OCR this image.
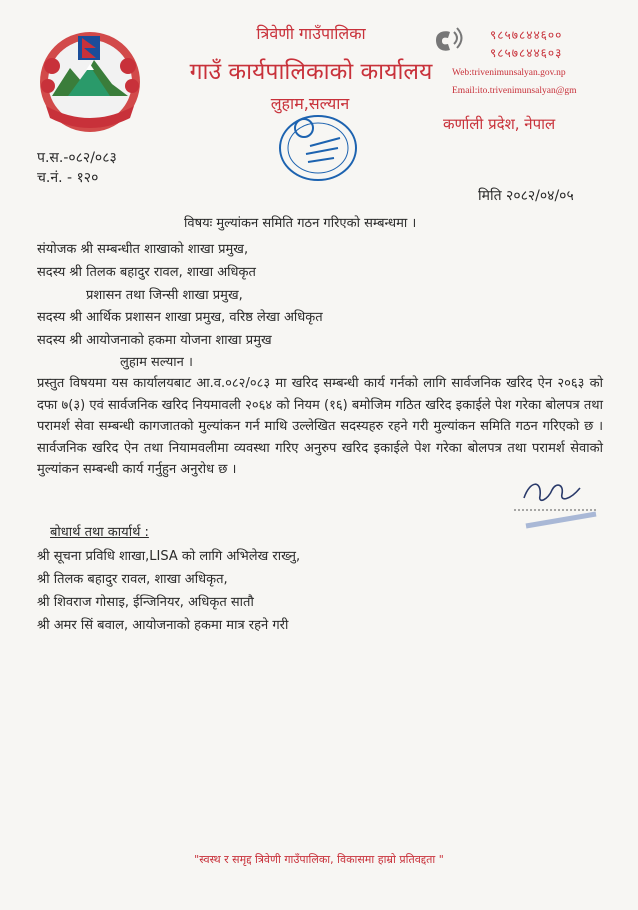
त्रिवेणी गाउँपालिका
गाउँ कार्यपालिकाको कार्यालय
लुहाम,सल्यान
९८५७८४४६००
९८५७८४४६०३
Web:trivenimunsalyan.gov.np
Email:ito.trivenimunsalyan@gm
कर्णाली प्रदेश, नेपाल
प.स.-०८२/०८३
च.नं. - १२०
मिति २०८२/०४/०५
विषयः मुल्यांकन समिति गठन गरिएको सम्बन्धमा ।
संयोजक श्री सम्बन्धीत शाखाको शाखा प्रमुख,
सदस्य श्री तिलक बहादुर रावल, शाखा अधिकृत
प्रशासन तथा जिन्सी शाखा प्रमुख,
सदस्य श्री आर्थिक प्रशासन शाखा प्रमुख, वरिष्ठ लेखा अधिकृत
सदस्य श्री आयोजनाको हकमा योजना शाखा प्रमुख
लुहाम सल्यान ।
प्रस्तुत विषयमा यस कार्यालयबाट आ.व.०८२/०८३ मा खरिद सम्बन्धी कार्य गर्नको लागि सार्वजनिक खरिद ऐन २०६३ को दफा ७(३) एवं सार्वजनिक खरिद नियमावली २०६४ को नियम (१६) बमोजिम गठित खरिद इकाईले पेश गरेका बोलपत्र तथा परामर्श सेवा सम्बन्धी कागजातको मुल्यांकन गर्न माथि उल्लेखित सदस्यहरु रहने गरी मुल्यांकन समिति गठन गरिएको छ । सार्वजनिक खरिद ऐन तथा नियामवलीमा व्यवस्था गरिए अनुरुप खरिद इकाईले पेश गरेका बोलपत्र तथा परामर्श सेवाको मुल्यांकन सम्बन्धी कार्य गर्नुहुन अनुरोध छ ।
बोधार्थ तथा कार्यार्थ :
श्री सूचना प्रविधि शाखा,LISA को लागि अभिलेख राख्नु,
श्री तिलक बहादुर रावल, शाखा अधिकृत,
श्री शिवराज गोसाइ, ईन्जिनियर, अधिकृत सातौ
श्री अमर सिं बवाल, आयोजनाको हकमा मात्र रहने गरी
"स्वस्थ र समृद्द त्रिवेणी गाउँपालिका, विकासमा हाम्रो प्रतिवद्दता "
